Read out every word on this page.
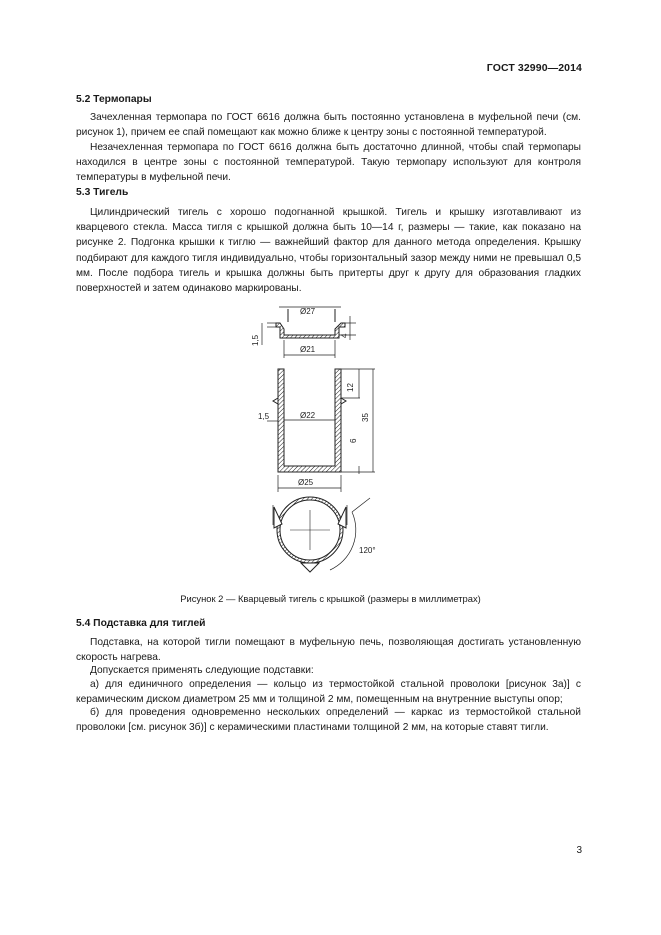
ГОСТ 32990—2014
5.2 Термопары
Зачехленная термопара по ГОСТ 6616 должна быть постоянно установлена в муфельной печи (см. рисунок 1), причем ее спай помещают как можно ближе к центру зоны с постоянной температурой.
Незачехленная термопара по ГОСТ 6616 должна быть достаточно длинной, чтобы спай термопары находился в центре зоны с постоянной температурой. Такую термопару используют для контроля температуры в муфельной печи.
5.3 Тигель
Цилиндрический тигель с хорошо подогнанной крышкой. Тигель и крышку изготавливают из кварцевого стекла. Масса тигля с крышкой должна быть 10—14 г, размеры — такие, как показано на рисунке 2. Подгонка крышки к тиглю — важнейший фактор для данного метода определения. Крышку подбирают для каждого тигля индивидуально, чтобы горизонтальный зазор между ними не превышал 0,5 мм. После подбора тигель и крышка должны быть притерты друг к другу для образования гладких поверхностей и затем одинаково маркированы.
Ø27
Ø21
4
1,5
Ø22
Ø25
12
35
1,5
6
120°
Рисунок 2 — Кварцевый тигель с крышкой (размеры в миллиметрах)
5.4 Подставка для тиглей
Подставка, на которой тигли помещают в муфельную печь, позволяющая достигать установленную скорость нагрева.
Допускается применять следующие подставки:
а) для единичного определения — кольцо из термостойкой стальной проволоки [рисунок 3а)] с керамическим диском диаметром 25 мм и толщиной 2 мм, помещенным на внутренние выступы опор;
б) для проведения одновременно нескольких определений — каркас из термостойкой стальной проволоки [см. рисунок 3б)] с керамическими пластинами толщиной 2 мм, на которые ставят тигли.
3
